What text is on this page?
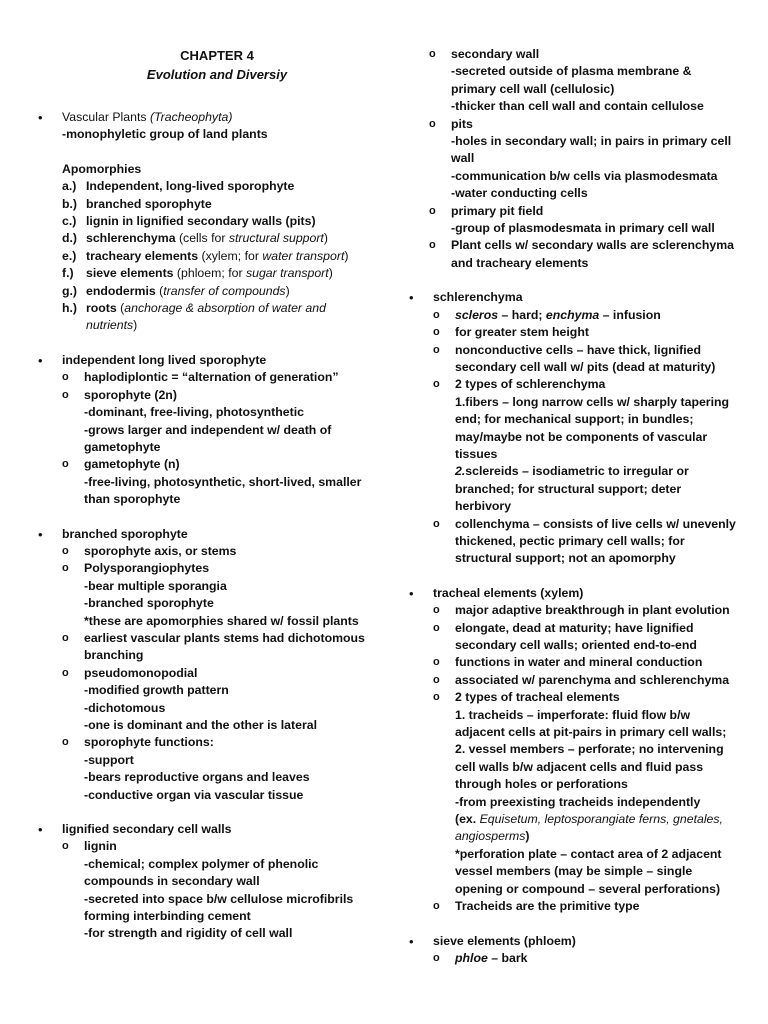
CHAPTER 4
Evolution and Diversiy
• Vascular Plants (Tracheophyta)
-monophyletic group of land plants
Apomorphies
a.) Independent, long-lived sporophyte
b.) branched sporophyte
c.) lignin in lignified secondary walls (pits)
d.) schlerenchyma (cells for structural support)
e.) tracheary elements (xylem; for water transport)
f.) sieve elements (phloem; for sugar transport)
g.) endodermis (transfer of compounds)
h.) roots (anchorage & absorption of water and nutrients)
• independent long lived sporophyte
o haplodiplontic = “alternation of generation”
o sporophyte (2n)
-dominant, free-living, photosynthetic
-grows larger and independent w/ death of gametophyte
o gametophyte (n)
-free-living, photosynthetic, short-lived, smaller than sporophyte
• branched sporophyte
o sporophyte axis, or stems
o Polysporangiophytes
-bear multiple sporangia
-branched sporophyte
*these are apomorphies shared w/ fossil plants
o earliest vascular plants stems had dichotomous branching
o pseudomonopodial
-modified growth pattern
-dichotomous
-one is dominant and the other is lateral
o sporophyte functions:
-support
-bears reproductive organs and leaves
-conductive organ via vascular tissue
• lignified secondary cell walls
o lignin
-chemical; complex polymer of phenolic compounds in secondary wall
-secreted into space b/w cellulose microfibrils forming interbinding cement
-for strength and rigidity of cell wall
o secondary wall
-secreted outside of plasma membrane & primary cell wall (cellulosic)
-thicker than cell wall and contain cellulose
o pits
-holes in secondary wall; in pairs in primary cell wall
-communication b/w cells via plasmodesmata
-water conducting cells
o primary pit field
-group of plasmodesmata in primary cell wall
o Plant cells w/ secondary walls are sclerenchyma and tracheary elements
• schlerenchyma
o scleros – hard; enchyma – infusion
o for greater stem height
o nonconductive cells – have thick, lignified secondary cell wall w/ pits (dead at maturity)
o 2 types of schlerenchyma
1.fibers – long narrow cells w/ sharply tapering end; for mechanical support; in bundles; may/maybe not be components of vascular tissues
2.sclereids – isodiametric to irregular or branched; for structural support; deter herbivory
o collenchyma – consists of live cells w/ unevenly thickened, pectic primary cell walls; for structural support; not an apomorphy
• tracheal elements (xylem)
o major adaptive breakthrough in plant evolution
o elongate, dead at maturity; have lignified secondary cell walls; oriented end-to-end
o functions in water and mineral conduction
o associated w/ parenchyma and schlerenchyma
o 2 types of tracheal elements
1. tracheids – imperforate: fluid flow b/w adjacent cells at pit-pairs in primary cell walls;
2. vessel members – perforate; no intervening cell walls b/w adjacent cells and fluid pass through holes or perforations
-from preexisting tracheids independently
(ex. Equisetum, leptosporangiate ferns, gnetales, angiosperms)
*perforation plate – contact area of 2 adjacent vessel members (may be simple – single opening or compound – several perforations)
o Tracheids are the primitive type
• sieve elements (phloem)
o phloe – bark
